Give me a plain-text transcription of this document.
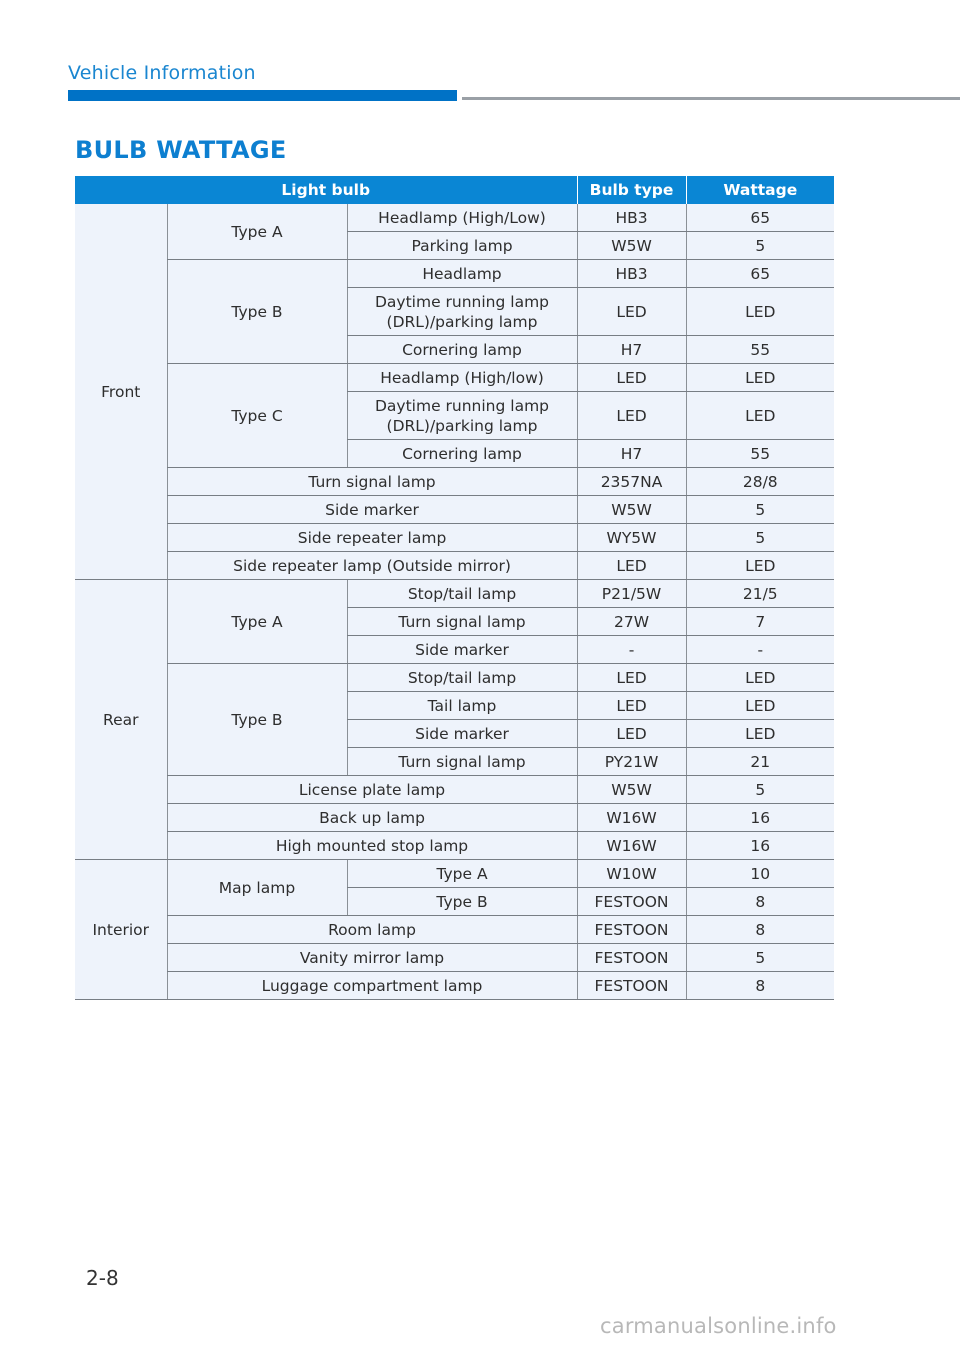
Vehicle Information
BULB WATTAGE
Light bulb			Bulb type	Wattage
Front	Type A	Headlamp (High/Low)	HB3	65
		Parking lamp	W5W	5
	Type B	Headlamp	HB3	65
		Daytime running lamp (DRL)/parking lamp	LED	LED
		Cornering lamp	H7	55
	Type C	Headlamp (High/low)	LED	LED
		Daytime running lamp (DRL)/parking lamp	LED	LED
		Cornering lamp	H7	55
	Turn signal lamp		2357NA	28/8
	Side marker		W5W	5
	Side repeater lamp		WY5W	5
	Side repeater lamp (Outside mirror)		LED	LED
Rear	Type A	Stop/tail lamp	P21/5W	21/5
		Turn signal lamp	27W	7
		Side marker	-	-
	Type B	Stop/tail lamp	LED	LED
		Tail lamp	LED	LED
		Side marker	LED	LED
		Turn signal lamp	PY21W	21
	License plate lamp		W5W	5
	Back up lamp		W16W	16
	High mounted stop lamp		W16W	16
Interior	Map lamp	Type A	W10W	10
		Type B	FESTOON	8
	Room lamp		FESTOON	8
	Vanity mirror lamp		FESTOON	5
	Luggage compartment lamp		FESTOON	8
2-8
carmanualsonline.info
